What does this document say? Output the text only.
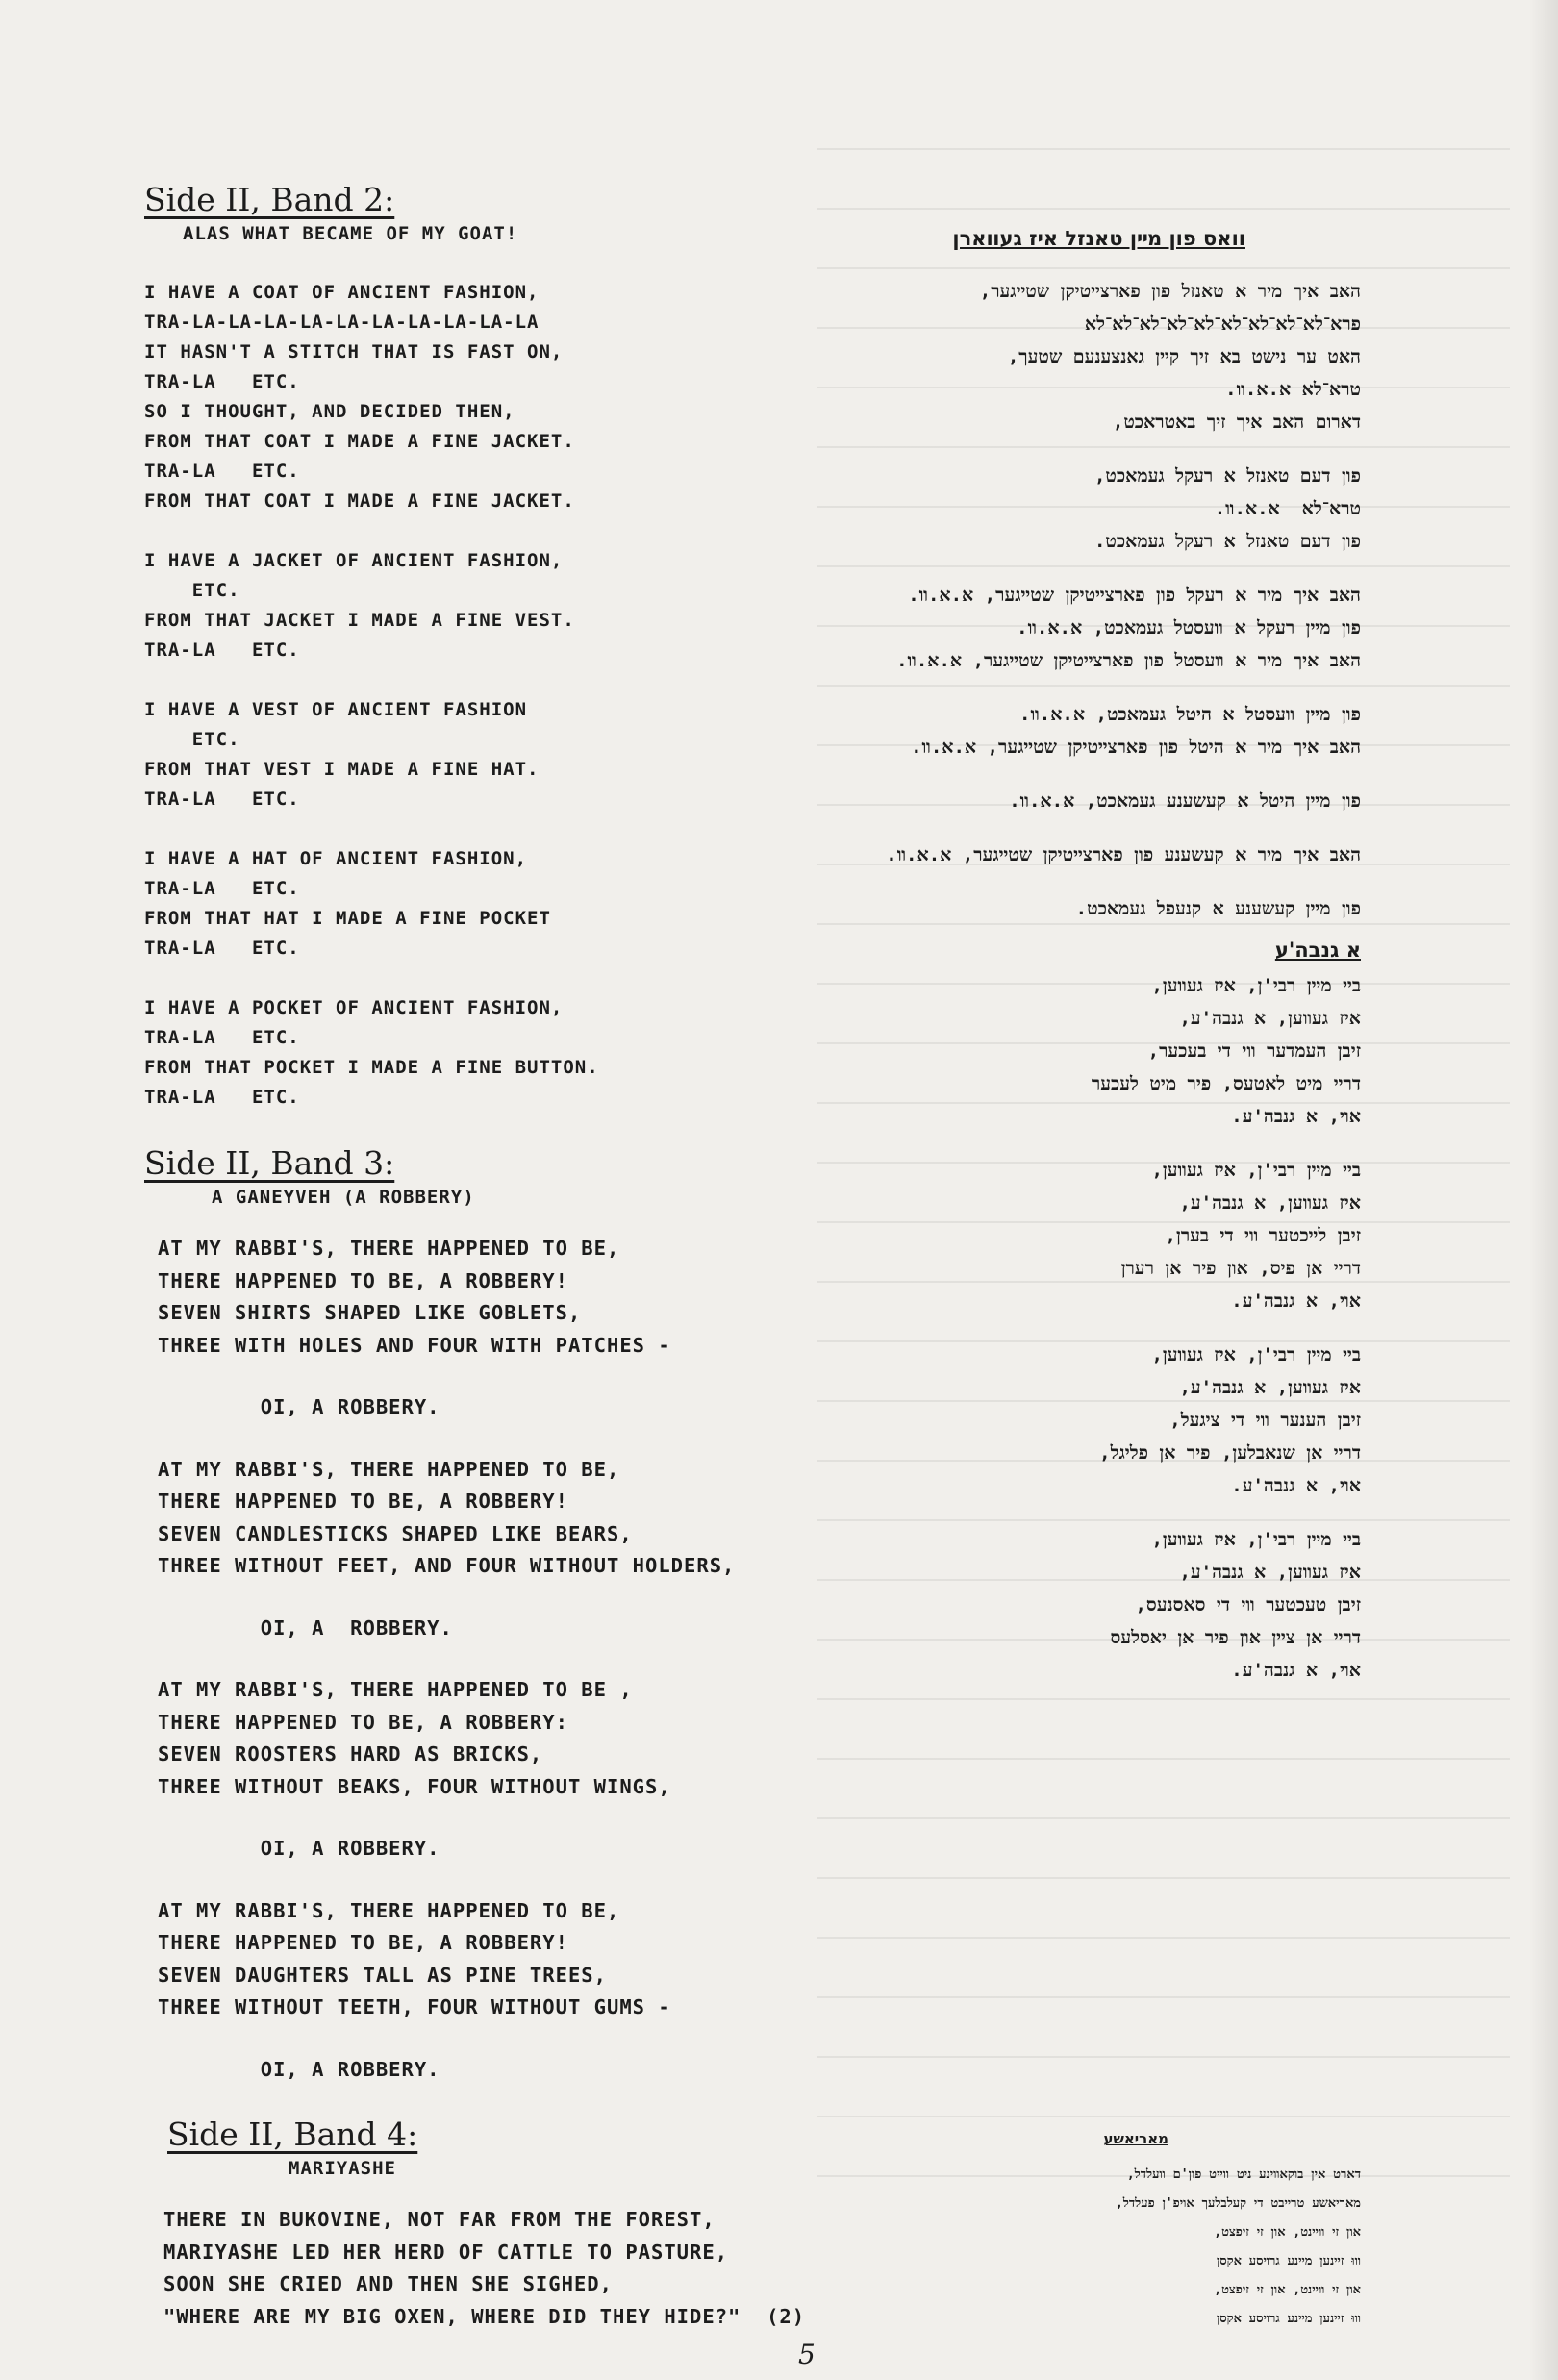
Side II, Band 2:
ALAS WHAT BECAME OF MY GOAT!
I HAVE A COAT OF ANCIENT FASHION,
TRA-LA-LA-LA-LA-LA-LA-LA-LA-LA-LA
IT HASN'T A STITCH THAT IS FAST ON,
TRA-LA   ETC.
SO I THOUGHT, AND DECIDED THEN,
FROM THAT COAT I MADE A FINE JACKET.
TRA-LA   ETC.
FROM THAT COAT I MADE A FINE JACKET.
I HAVE A JACKET OF ANCIENT FASHION,
ETC.
FROM THAT JACKET I MADE A FINE VEST.
TRA-LA   ETC.
I HAVE A VEST OF ANCIENT FASHION
ETC.
FROM THAT VEST I MADE A FINE HAT.
TRA-LA   ETC.
I HAVE A HAT OF ANCIENT FASHION,
TRA-LA   ETC.
FROM THAT HAT I MADE A FINE POCKET
TRA-LA   ETC.
I HAVE A POCKET OF ANCIENT FASHION,
TRA-LA   ETC.
FROM THAT POCKET I MADE A FINE BUTTON.
TRA-LA   ETC.
Side II, Band 3:
A GANEYVEH (A ROBBERY)
AT MY RABBI'S, THERE HAPPENED TO BE,
THERE HAPPENED TO BE, A ROBBERY!
SEVEN SHIRTS SHAPED LIKE GOBLETS,
THREE WITH HOLES AND FOUR WITH PATCHES -
OI, A ROBBERY.
AT MY RABBI'S, THERE HAPPENED TO BE,
THERE HAPPENED TO BE, A ROBBERY!
SEVEN CANDLESTICKS SHAPED LIKE BEARS,
THREE WITHOUT FEET, AND FOUR WITHOUT HOLDERS,
OI, A  ROBBERY.
AT MY RABBI'S, THERE HAPPENED TO BE ,
THERE HAPPENED TO BE, A ROBBERY:
SEVEN ROOSTERS HARD AS BRICKS,
THREE WITHOUT BEAKS, FOUR WITHOUT WINGS,
OI, A ROBBERY.
AT MY RABBI'S, THERE HAPPENED TO BE,
THERE HAPPENED TO BE, A ROBBERY!
SEVEN DAUGHTERS TALL AS PINE TREES,
THREE WITHOUT TEETH, FOUR WITHOUT GUMS -
OI, A ROBBERY.
Side II, Band 4:
MARIYASHE
THERE IN BUKOVINE, NOT FAR FROM THE FOREST,
MARIYASHE LED HER HERD OF CATTLE TO PASTURE,
SOON SHE CRIED AND THEN SHE SIGHED,
"WHERE ARE MY BIG OXEN, WHERE DID THEY HIDE?"  (2)
וואס פון מײן טאנזל איז געװארן
האב איך מיר א טאנזל פון פארצײטיקן שטײגער,
פרא־לא־לא־לא־לא־לא־לא־לא־לא־לא
האט ער נישט בא זיך קײן גאנצענעם שטעך,
טרא־לא א.א.װ.
דארום האב איך זיך באטראכט,
פון דעם טאנזל א רעקל געמאכט,
טרא־לא  א.א.װ.
פון דעם טאנזל א רעקל געמאכט.
האב איך מיר א רעקל פון פארצײטיקן שטײגער, א.א.װ.
פון מײן רעקל א װעסטל געמאכט, א.א.װ.
האב איך מיר א װעסטל פון פארצײטיקן שטײגער, א.א.װ.
פון מײן װעסטל א היטל געמאכט, א.א.װ.
האב איך מיר א היטל פון פארצײטיקן שטײגער, א.א.װ.
פון מײן היטל א קעשענע געמאכט, א.א.װ.
האב איך מיר א קעשענע פון פארצײטיקן שטײגער, א.א.װ.
פון מײן קעשענע א קנעפל געמאכט.
א גנבה'ע
בײ מײן רבי'ן, איז געװען,
איז געװען, א גנבה'ע,
זיבן העמדער װי די בעכער,
דרײ מיט לאטעס, פיר מיט לעכער
אוי, א גנבה'ע.
בײ מײן רבי'ן, איז געװען,
איז געװען, א גנבה'ע,
זיבן לײכטער װי די בערן,
דרײ אן פיס, און פיר אן רערן
אוי, א גנבה'ע.
בײ מײן רבי'ן, איז געװען,
איז געװען, א גנבה'ע,
זיבן הענער װי די ציגעל,
דרײ אן שנאבלען, פיר אן פליגל,
אוי, א גנבה'ע.
בײ מײן רבי'ן, איז געװען,
איז געװען, א גנבה'ע,
זיבן טעכטער װי די סאסנעס,
דרײ אן צײן און פיר אן יאסלעס
אוי, א גנבה'ע.
מאריאשע
דארט אין בוקאװינע ניט װײט פון'ם װעלדל,
מאריאשע טרײבט די קעלבלעך אויפ'ן פעלדל,
און זי װײנט, און זי זיפצט,
װוּ זײנען מײנע גרױסע אקסן
און זי װײנט, און זי זיפצט,
װוּ זײנען מײנע גרױסע אקסן
5
